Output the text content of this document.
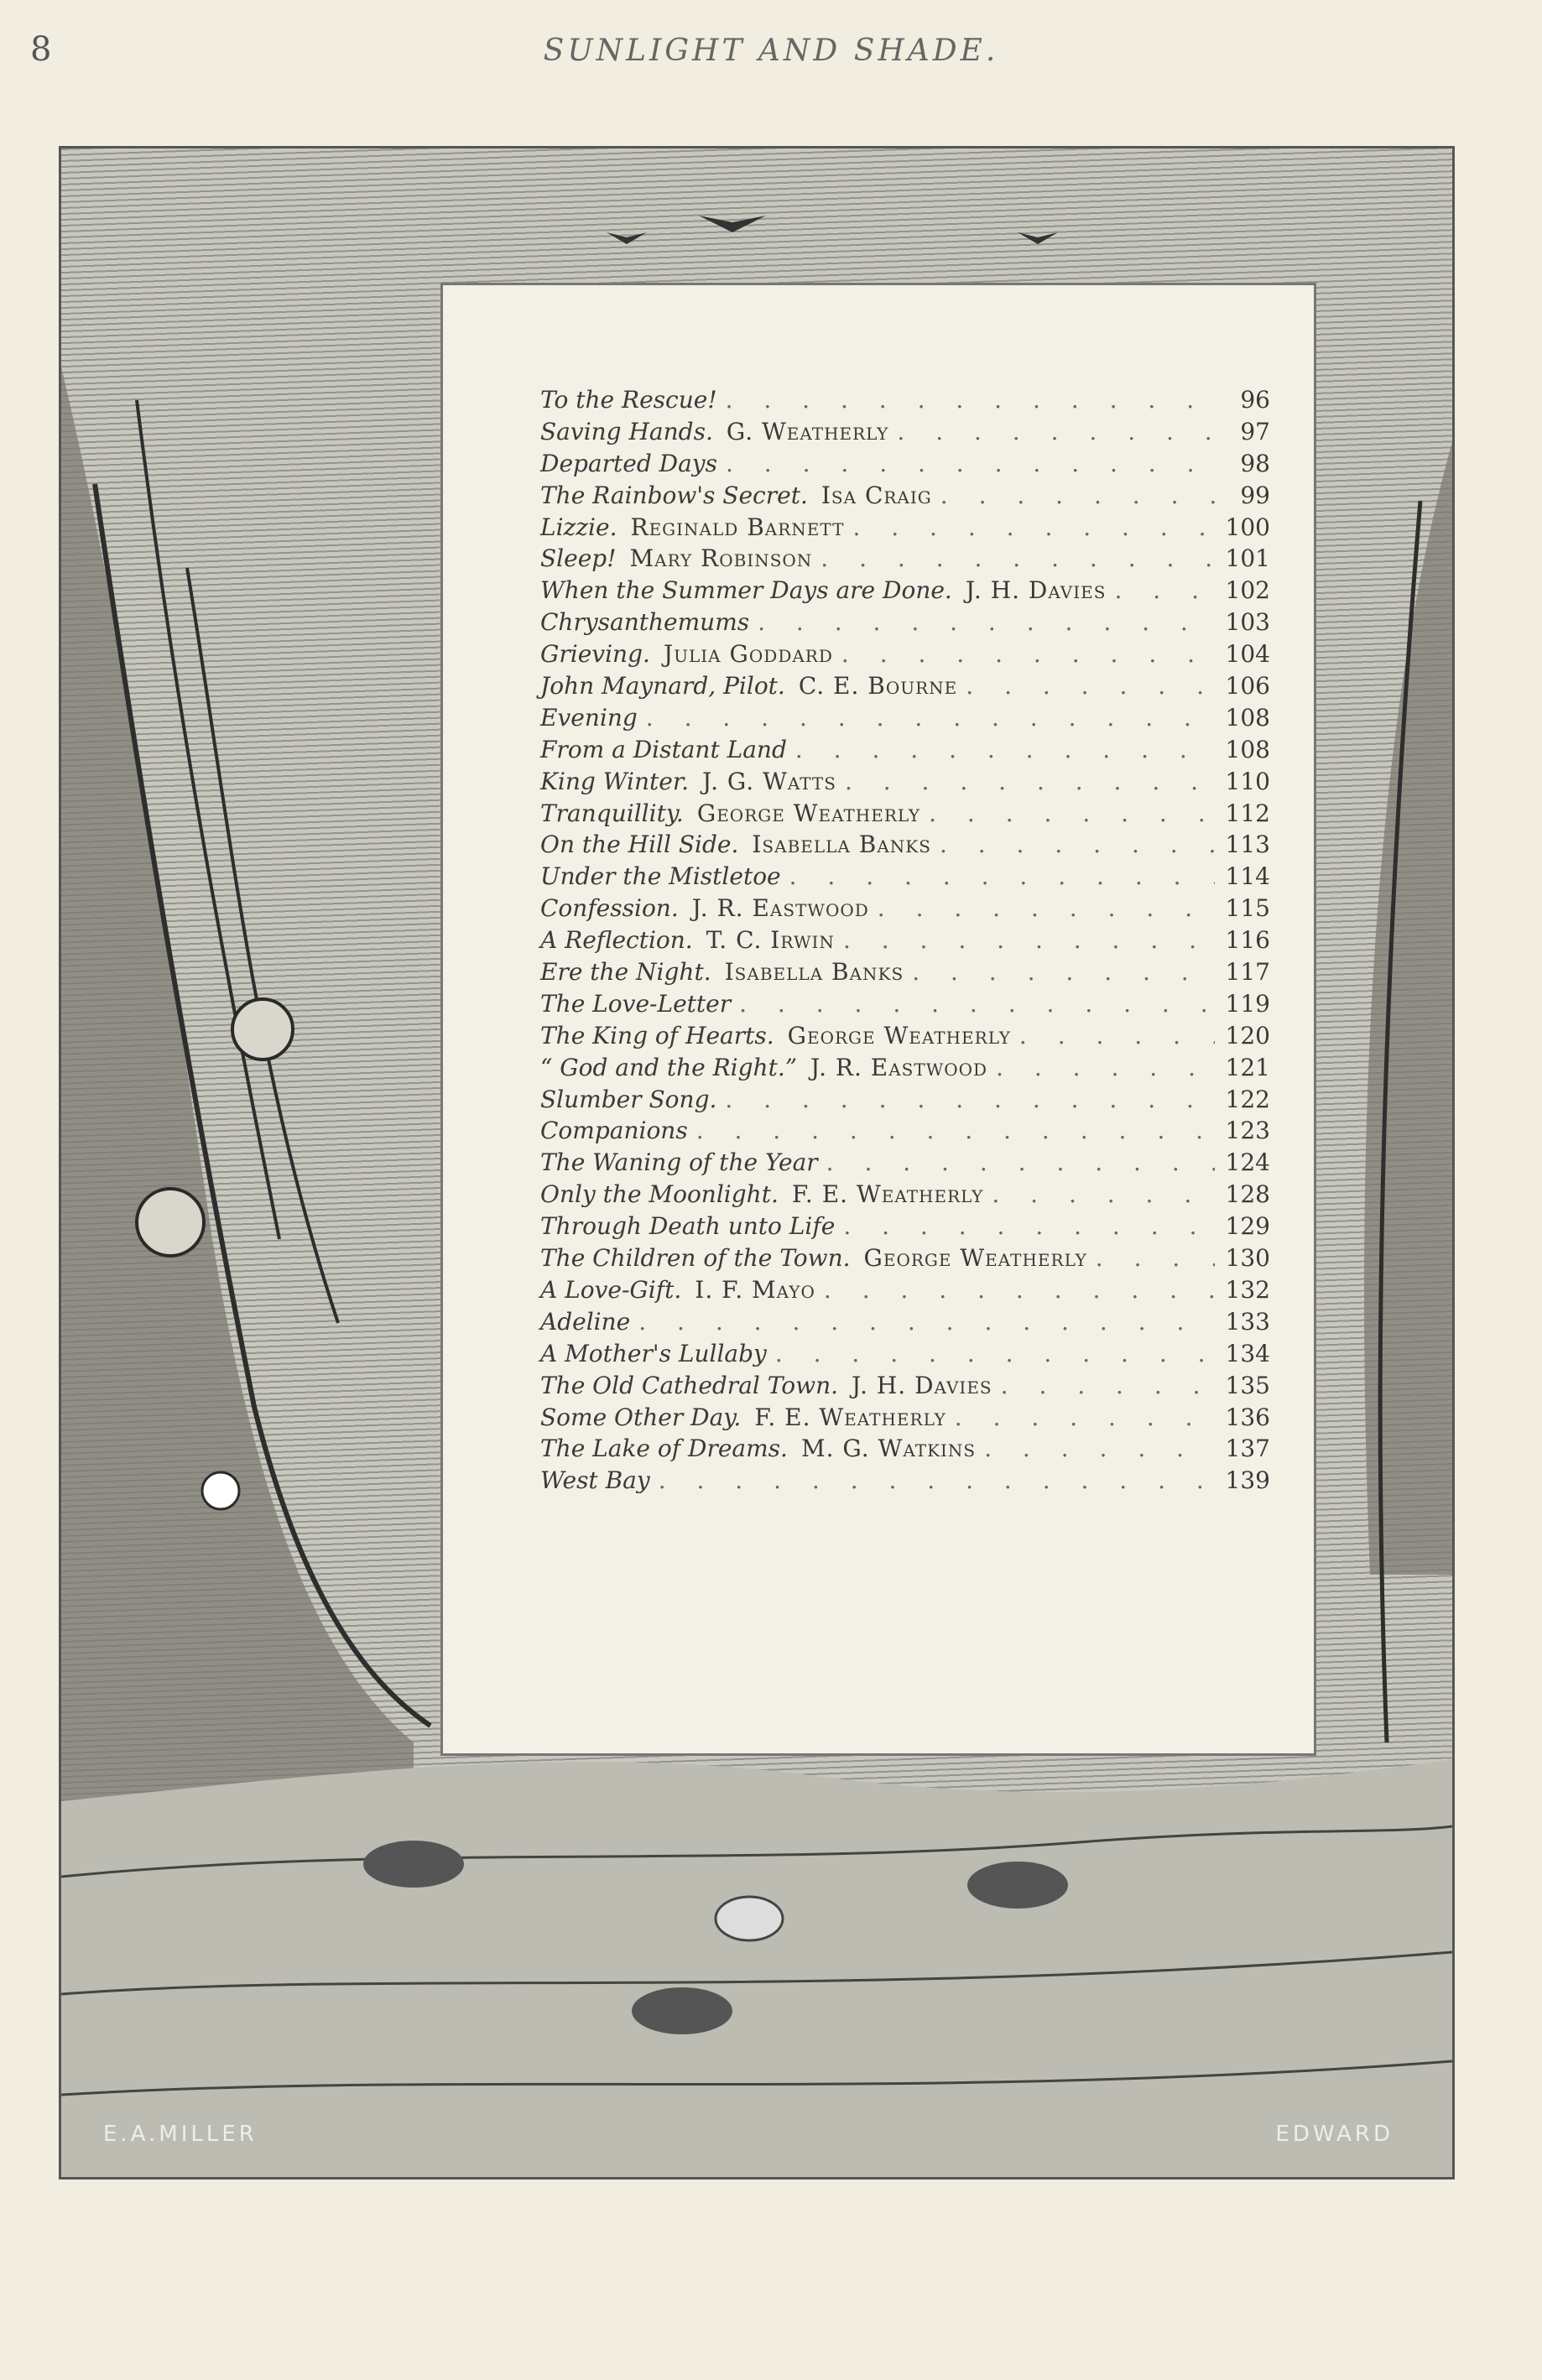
8	SUNLIGHT AND SHADE.
To the Rescue! . . .	96
Saving Hands. G. Weatherly . . .	97
Departed Days . . .	98
The Rainbow's Secret. Isa Craig . . .	99
Lizzie. Reginald Barnett . . .	100
Sleep! Mary Robinson . . .	101
When the Summer Days are Done. J. H. Davies . . .	102
Chrysanthemums . . .	103
Grieving. Julia Goddard . . .	104
John Maynard, Pilot. C. E. Bourne . . .	106
Evening . . .	108
From a Distant Land . . .	108
King Winter. J. G. Watts . . .	110
Tranquillity. George Weatherly . . .	112
On the Hill Side. Isabella Banks . . .	113
Under the Mistletoe . . .	114
Confession. J. R. Eastwood . . .	115
A Reflection. T. C. Irwin . . .	116
Ere the Night. Isabella Banks . . .	117
The Love-Letter . . .	119
The King of Hearts. George Weatherly . . .	120
“ God and the Right.” J. R. Eastwood . . .	121
Slumber Song. . . .	122
Companions . . .	123
The Waning of the Year . . .	124
Only the Moonlight. F. E. Weatherly . . .	128
Through Death unto Life . . .	129
The Children of the Town. George Weatherly . . .	130
A Love-Gift. I. F. Mayo . . .	132
Adeline . . .	133
A Mother's Lullaby . . .	134
The Old Cathedral Town. J. H. Davies . . .	135
Some Other Day. F. E. Weatherly . . .	136
The Lake of Dreams. M. G. Watkins . . .	137
West Bay . . .	139
E.A.MILLER	EDWARD
